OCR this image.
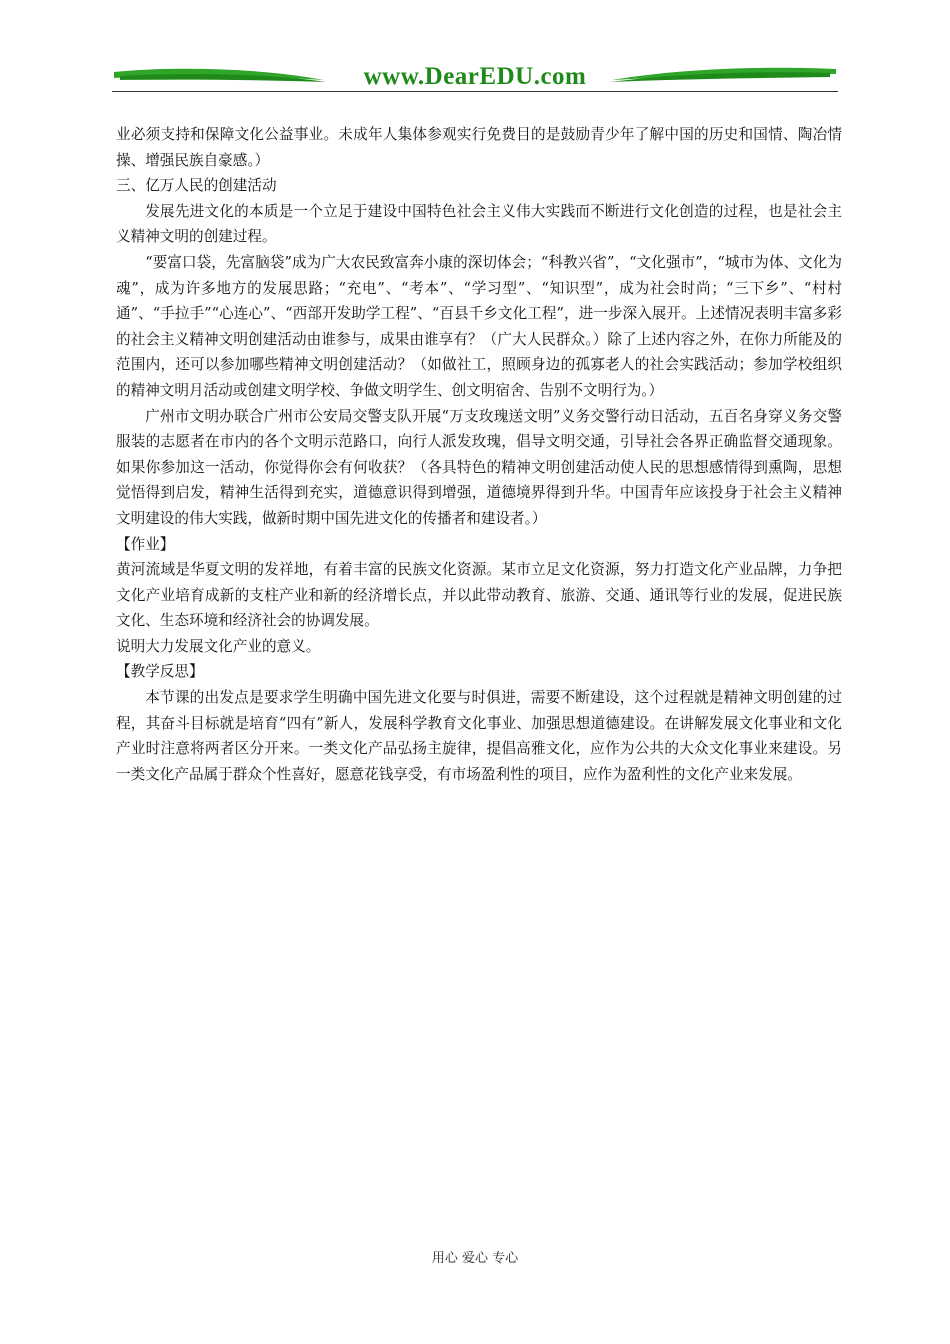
www.DearEDU.com

业必须支持和保障文化公益事业。未成年人集体参观实行免费目的是鼓励青少年了解中国的历史和国情、陶冶情操、增强民族自豪感。）

三、亿万人民的创建活动

发展先进文化的本质是一个立足于建设中国特色社会主义伟大实践而不断进行文化创造的过程，也是社会主义精神文明的创建过程。

“要富口袋，先富脑袋”成为广大农民致富奔小康的深切体会；“科教兴省”，“文化强市”，“城市为体、文化为魂”，成为许多地方的发展思路；“充电”、“考本”、“学习型”、“知识型”，成为社会时尚；“三下乡”、“村村通”、“手拉手”“心连心”、“西部开发助学工程”、“百县千乡文化工程”，进一步深入展开。上述情况表明丰富多彩的社会主义精神文明创建活动由谁参与，成果由谁享有？（广大人民群众。）除了上述内容之外，在你力所能及的范围内，还可以参加哪些精神文明创建活动？（如做社工，照顾身边的孤寡老人的社会实践活动；参加学校组织的精神文明月活动或创建文明学校、争做文明学生、创文明宿舍、告别不文明行为。）

广州市文明办联合广州市公安局交警支队开展“万支玫瑰送文明”义务交警行动日活动，五百名身穿义务交警服装的志愿者在市内的各个文明示范路口，向行人派发玫瑰，倡导文明交通，引导社会各界正确监督交通现象。如果你参加这一活动，你觉得你会有何收获？（各具特色的精神文明创建活动使人民的思想感情得到熏陶，思想觉悟得到启发，精神生活得到充实，道德意识得到增强，道德境界得到升华。中国青年应该投身于社会主义精神文明建设的伟大实践，做新时期中国先进文化的传播者和建设者。）

【作业】

黄河流域是华夏文明的发祥地，有着丰富的民族文化资源。某市立足文化资源，努力打造文化产业品牌，力争把文化产业培育成新的支柱产业和新的经济增长点，并以此带动教育、旅游、交通、通讯等行业的发展，促进民族文化、生态环境和经济社会的协调发展。

说明大力发展文化产业的意义。

【教学反思】

本节课的出发点是要求学生明确中国先进文化要与时俱进，需要不断建设，这个过程就是精神文明创建的过程，其奋斗目标就是培育“四有”新人，发展科学教育文化事业、加强思想道德建设。在讲解发展文化事业和文化产业时注意将两者区分开来。一类文化产品弘扬主旋律，提倡高雅文化，应作为公共的大众文化事业来建设。另一类文化产品属于群众个性喜好，愿意花钱享受，有市场盈利性的项目，应作为盈利性的文化产业来发展。

用心 爱心 专心
